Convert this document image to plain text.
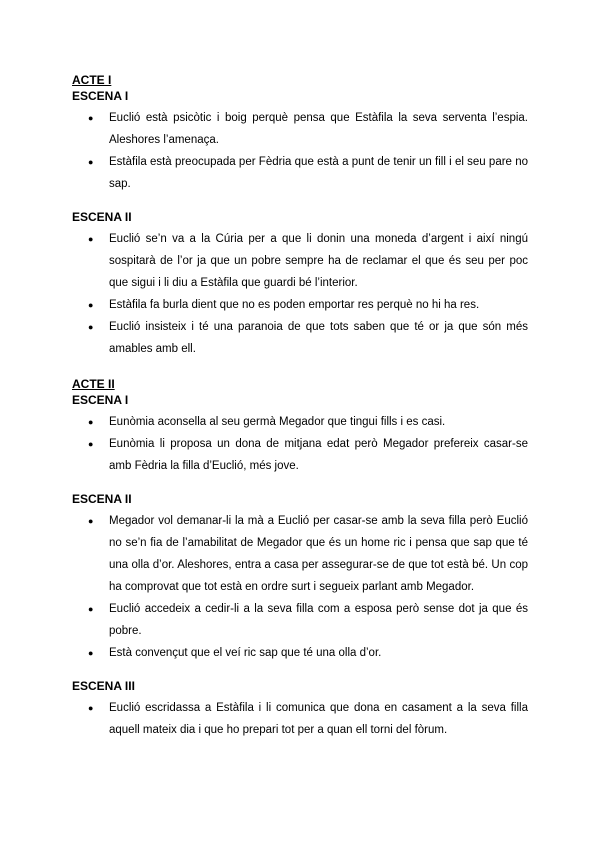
ACTE I
ESCENA I
● Euclió està psicòtic i boig perquè pensa que Estàfila la seva serventa l’espia. Aleshores l’amenaça.
● Estàfila està preocupada per Fèdria que està a punt de tenir un fill i el seu pare no sap.
ESCENA II
● Euclió se’n va a la Cúria per a que li donin una moneda d’argent i així ningú sospitarà de l’or ja que un pobre sempre ha de reclamar el que és seu per poc que sigui i li diu a Estàfila que guardi bé l’interior.
● Estàfila fa burla dient que no es poden emportar res perquè no hi ha res.
● Euclió insisteix i té una paranoia de que tots saben que té or ja que són més amables amb ell.
ACTE II
ESCENA I
● Eunòmia aconsella al seu germà Megador que tingui fills i es casi.
● Eunòmia li proposa un dona de mitjana edat però Megador prefereix casar-se amb Fèdria la filla d’Euclió, més jove.
ESCENA II
● Megador vol demanar-li la mà a Euclió per casar-se amb la seva filla però Euclió no se’n fia de l’amabilitat de Megador que és un home ric i pensa que sap que té una olla d’or. Aleshores, entra a casa per assegurar-se de que tot està bé. Un cop ha comprovat que tot està en ordre surt i segueix parlant amb Megador.
● Euclió accedeix a cedir-li a la seva filla com a esposa però sense dot ja que és pobre.
● Està convençut que el veí ric sap que té una olla d’or.
ESCENA III
● Euclió escridassa a Estàfila i li comunica que dona en casament a la seva filla aquell mateix dia i que ho prepari tot per a quan ell torni del fòrum.
